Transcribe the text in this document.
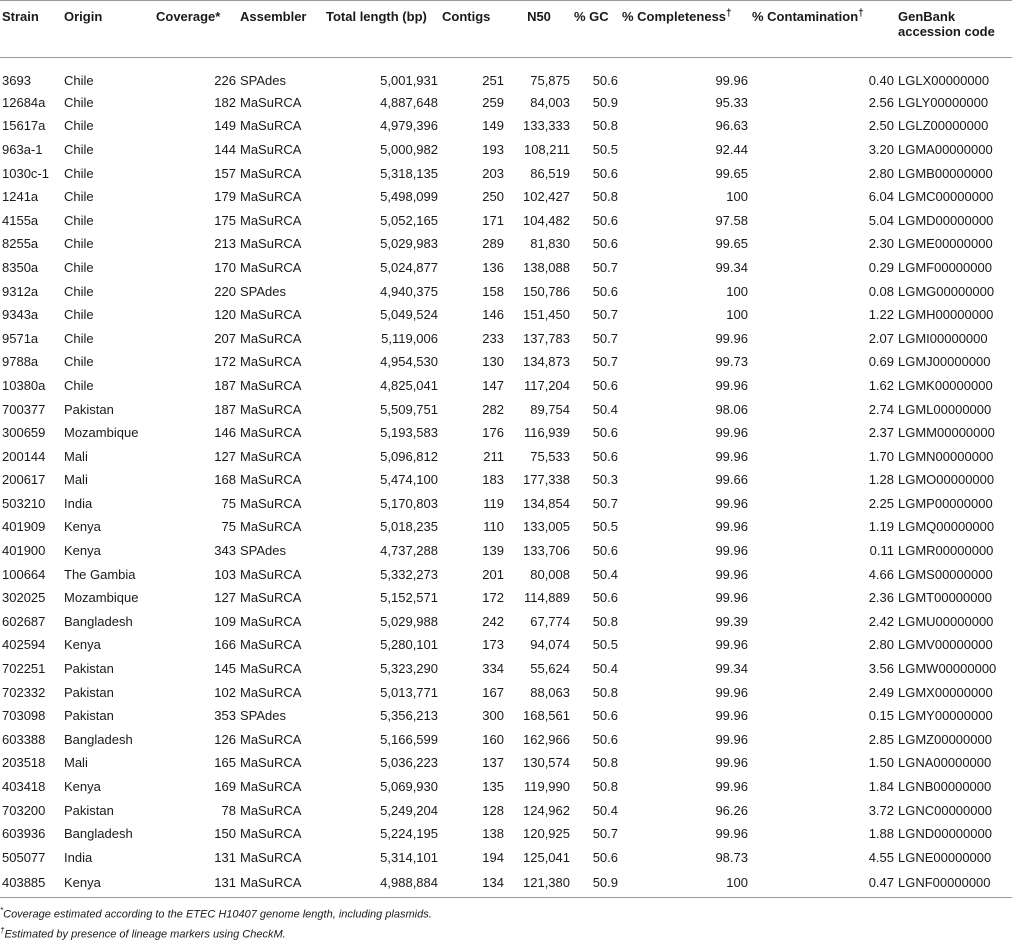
Strain	Origin	Coverage*	Assembler	Total length (bp)	Contigs	N50	% GC	% Completeness†	% Contamination†	GenBank
accession code
3693	Chile	226	SPAdes	5,001,931	251	75,875	50.6	99.96	0.40	LGLX00000000
12684a	Chile	182	MaSuRCA	4,887,648	259	84,003	50.9	95.33	2.56	LGLY00000000
15617a	Chile	149	MaSuRCA	4,979,396	149	133,333	50.8	96.63	2.50	LGLZ00000000
963a-1	Chile	144	MaSuRCA	5,000,982	193	108,211	50.5	92.44	3.20	LGMA00000000
1030c-1	Chile	157	MaSuRCA	5,318,135	203	86,519	50.6	99.65	2.80	LGMB00000000
1241a	Chile	179	MaSuRCA	5,498,099	250	102,427	50.8	100	6.04	LGMC00000000
4155a	Chile	175	MaSuRCA	5,052,165	171	104,482	50.6	97.58	5.04	LGMD00000000
8255a	Chile	213	MaSuRCA	5,029,983	289	81,830	50.6	99.65	2.30	LGME00000000
8350a	Chile	170	MaSuRCA	5,024,877	136	138,088	50.7	99.34	0.29	LGMF00000000
9312a	Chile	220	SPAdes	4,940,375	158	150,786	50.6	100	0.08	LGMG00000000
9343a	Chile	120	MaSuRCA	5,049,524	146	151,450	50.7	100	1.22	LGMH00000000
9571a	Chile	207	MaSuRCA	5,119,006	233	137,783	50.7	99.96	2.07	LGMI00000000
9788a	Chile	172	MaSuRCA	4,954,530	130	134,873	50.7	99.73	0.69	LGMJ00000000
10380a	Chile	187	MaSuRCA	4,825,041	147	117,204	50.6	99.96	1.62	LGMK00000000
700377	Pakistan	187	MaSuRCA	5,509,751	282	89,754	50.4	98.06	2.74	LGML00000000
300659	Mozambique	146	MaSuRCA	5,193,583	176	116,939	50.6	99.96	2.37	LGMM00000000
200144	Mali	127	MaSuRCA	5,096,812	211	75,533	50.6	99.96	1.70	LGMN00000000
200617	Mali	168	MaSuRCA	5,474,100	183	177,338	50.3	99.66	1.28	LGMO00000000
503210	India	75	MaSuRCA	5,170,803	119	134,854	50.7	99.96	2.25	LGMP00000000
401909	Kenya	75	MaSuRCA	5,018,235	110	133,005	50.5	99.96	1.19	LGMQ00000000
401900	Kenya	343	SPAdes	4,737,288	139	133,706	50.6	99.96	0.11	LGMR00000000
100664	The Gambia	103	MaSuRCA	5,332,273	201	80,008	50.4	99.96	4.66	LGMS00000000
302025	Mozambique	127	MaSuRCA	5,152,571	172	114,889	50.6	99.96	2.36	LGMT00000000
602687	Bangladesh	109	MaSuRCA	5,029,988	242	67,774	50.8	99.39	2.42	LGMU00000000
402594	Kenya	166	MaSuRCA	5,280,101	173	94,074	50.5	99.96	2.80	LGMV00000000
702251	Pakistan	145	MaSuRCA	5,323,290	334	55,624	50.4	99.34	3.56	LGMW00000000
702332	Pakistan	102	MaSuRCA	5,013,771	167	88,063	50.8	99.96	2.49	LGMX00000000
703098	Pakistan	353	SPAdes	5,356,213	300	168,561	50.6	99.96	0.15	LGMY00000000
603388	Bangladesh	126	MaSuRCA	5,166,599	160	162,966	50.6	99.96	2.85	LGMZ00000000
203518	Mali	165	MaSuRCA	5,036,223	137	130,574	50.8	99.96	1.50	LGNA00000000
403418	Kenya	169	MaSuRCA	5,069,930	135	119,990	50.8	99.96	1.84	LGNB00000000
703200	Pakistan	78	MaSuRCA	5,249,204	128	124,962	50.4	96.26	3.72	LGNC00000000
603936	Bangladesh	150	MaSuRCA	5,224,195	138	120,925	50.7	99.96	1.88	LGND00000000
505077	India	131	MaSuRCA	5,314,101	194	125,041	50.6	98.73	4.55	LGNE00000000
403885	Kenya	131	MaSuRCA	4,988,884	134	121,380	50.9	100	0.47	LGNF00000000
*Coverage estimated according to the ETEC H10407 genome length, including plasmids.
†Estimated by presence of lineage markers using CheckM.
